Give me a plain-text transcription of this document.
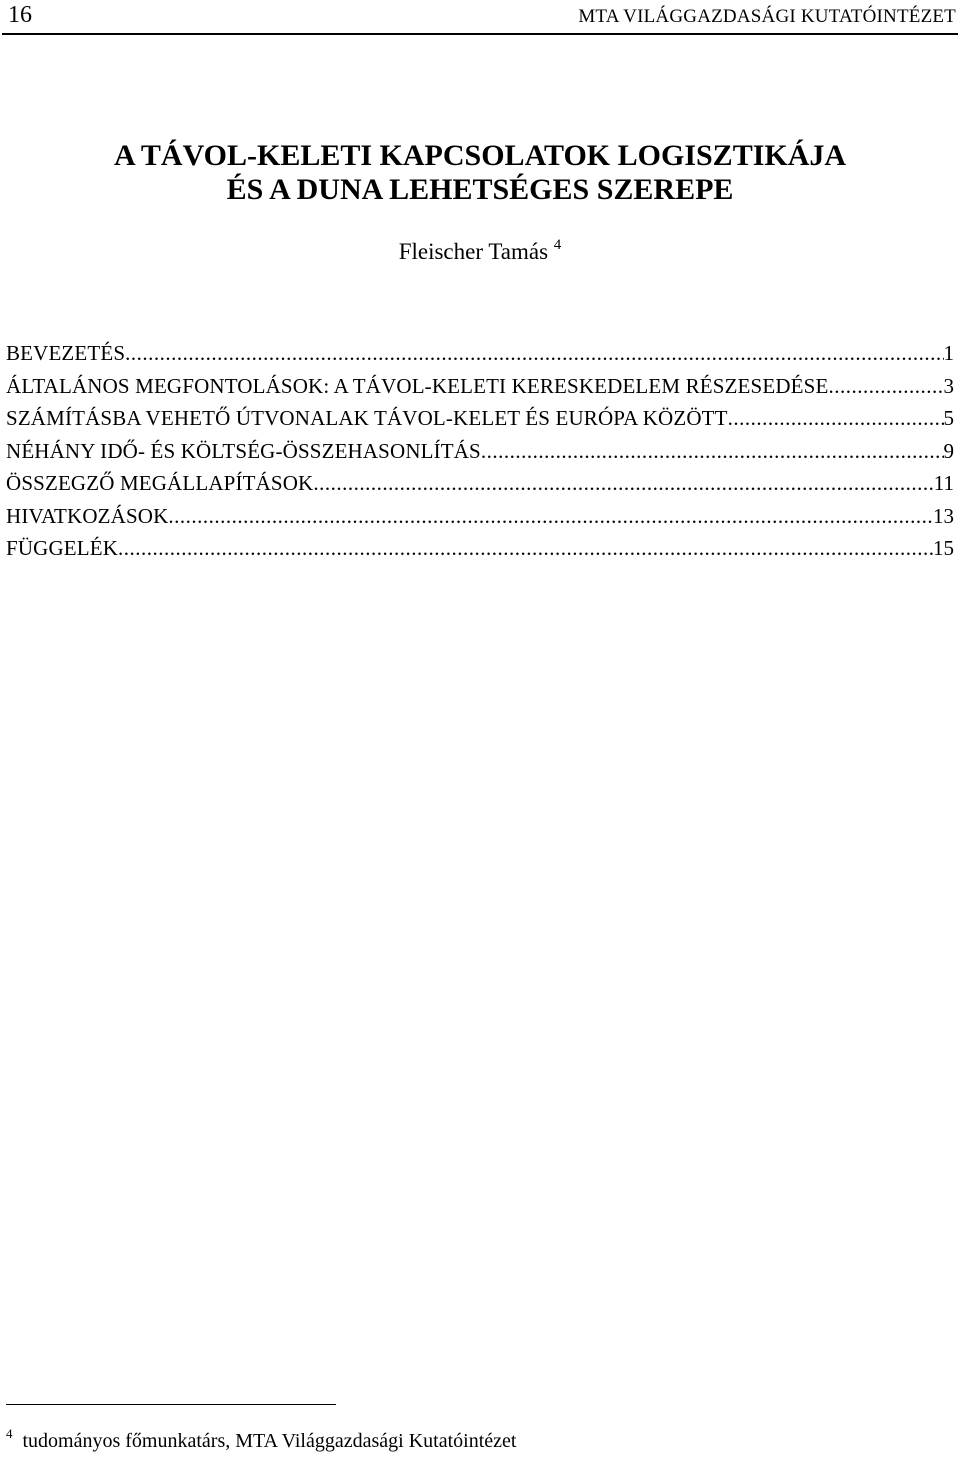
16	MTA VILÁGGAZDASÁGI KUTATÓINTÉZET
A TÁVOL-KELETI KAPCSOLATOK LOGISZTIKÁJA
ÉS A DUNA LEHETSÉGES SZEREPE
Fleischer Tamás $^4$
BEVEZETÉS .....	1
ÁLTALÁNOS MEGFONTOLÁSOK: A TÁVOL-KELETI KERESKEDELEM RÉSZESEDÉSE .....	3
SZÁMÍTÁSBA VEHETŐ ÚTVONALAK TÁVOL-KELET ÉS EURÓPA KÖZÖTT .....	5
NÉHÁNY IDŐ- ÉS KÖLTSÉG-ÖSSZEHASONLÍTÁS .....	9
ÖSSZEGZŐ MEGÁLLAPÍTÁSOK .....	11
HIVATKOZÁSOK .....	13
FÜGGELÉK .....	15
$^4$ tudományos főmunkatárs, MTA Világgazdasági Kutatóintézet
